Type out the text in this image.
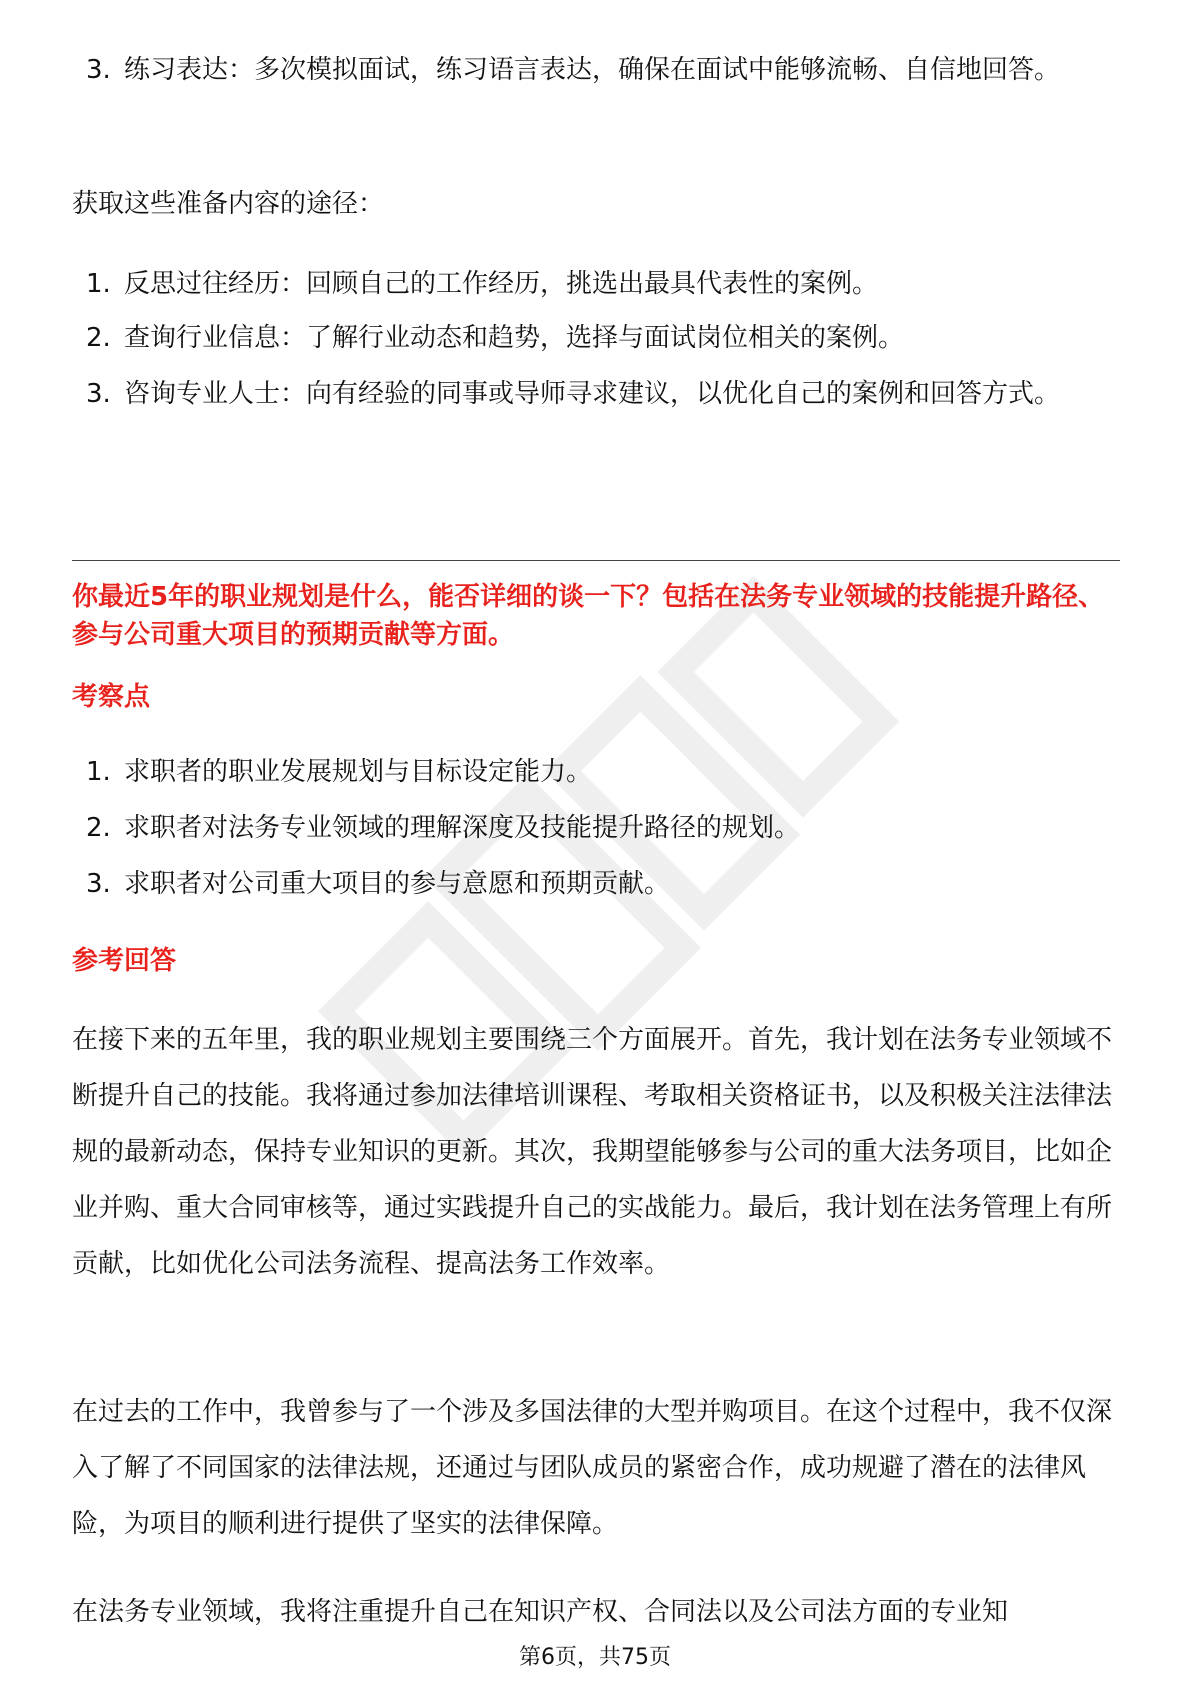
3. 练习表达：多次模拟面试，练习语言表达，确保在面试中能够流畅、自信地回答。
获取这些准备内容的途径：
1. 反思过往经历：回顾自己的工作经历，挑选出最具代表性的案例。
2. 查询行业信息：了解行业动态和趋势，选择与面试岗位相关的案例。
3. 咨询专业人士：向有经验的同事或导师寻求建议，以优化自己的案例和回答方式。
你最近5年的职业规划是什么，能否详细的谈一下？包括在法务专业领域的技能提升路径、参与公司重大项目的预期贡献等方面。
考察点
1. 求职者的职业发展规划与目标设定能力。
2. 求职者对法务专业领域的理解深度及技能提升路径的规划。
3. 求职者对公司重大项目的参与意愿和预期贡献。
参考回答
在接下来的五年里，我的职业规划主要围绕三个方面展开。首先，我计划在法务专业领域不断提升自己的技能。我将通过参加法律培训课程、考取相关资格证书，以及积极关注法律法规的最新动态，保持专业知识的更新。其次，我期望能够参与公司的重大法务项目，比如企业并购、重大合同审核等，通过实践提升自己的实战能力。最后，我计划在法务管理上有所贡献，比如优化公司法务流程、提高法务工作效率。
在过去的工作中，我曾参与了一个涉及多国法律的大型并购项目。在这个过程中，我不仅深入了解了不同国家的法律法规，还通过与团队成员的紧密合作，成功规避了潜在的法律风险，为项目的顺利进行提供了坚实的法律保障。
在法务专业领域，我将注重提升自己在知识产权、合同法以及公司法方面的专业知
第6页，共75页
